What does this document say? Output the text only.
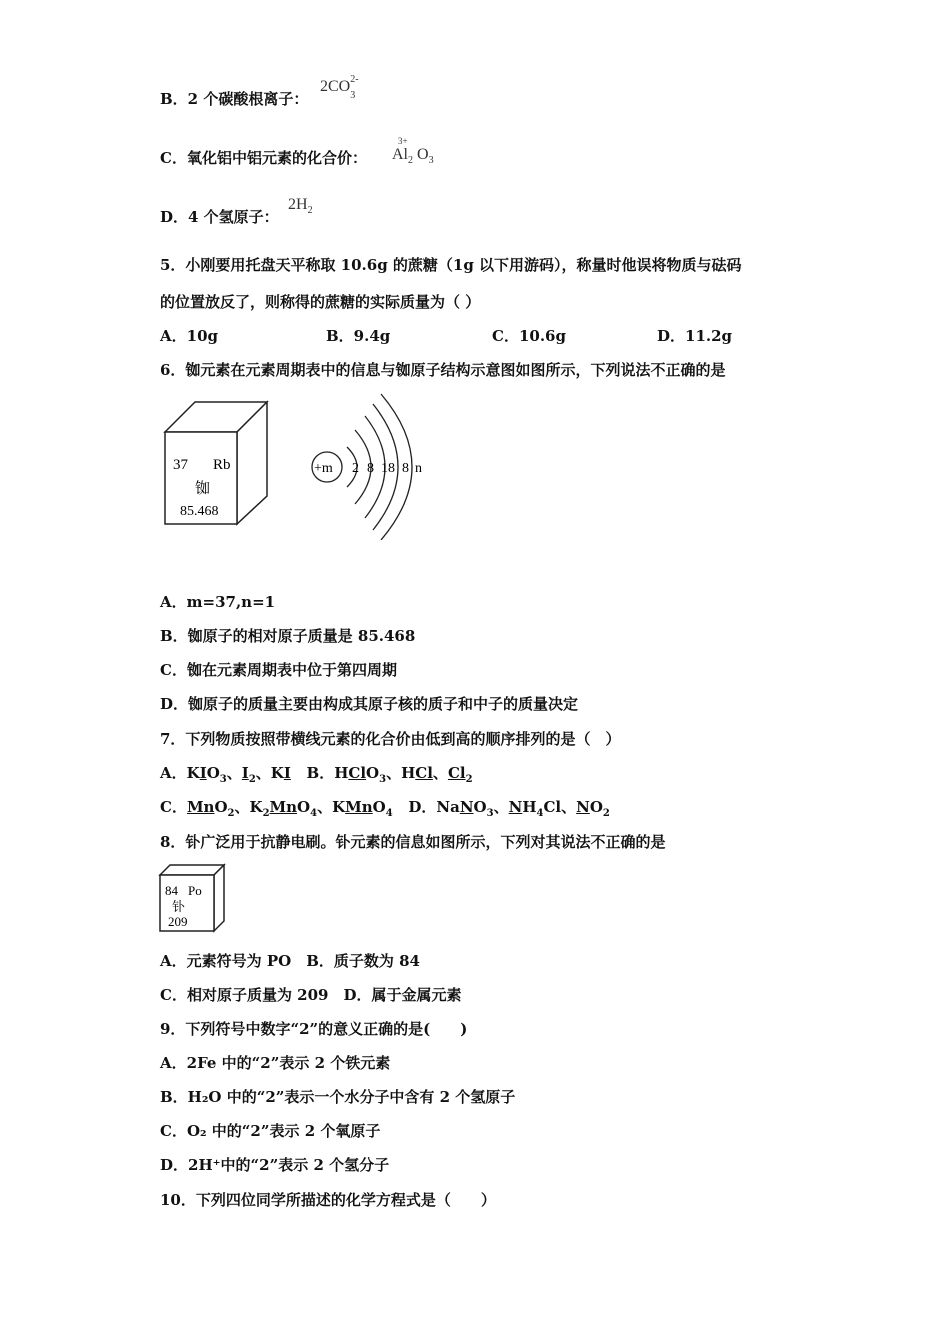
B．2 个碳酸根离子：
2CO 2-
3
C．氧化铝中铝元素的化合价：
3+
$Al_2$ $O_3$
D．4 个氢原子：
$2H_2$
5．小刚要用托盘天平称取 10.6g 的蔗糖（1g 以下用游码），称量时他误将物质与砝码
的位置放反了，则称得的蔗糖的实际质量为（ ）
A．10g	B．9.4g	C．10.6g	D．11.2g
6．铷元素在元素周期表中的信息与铷原子结构示意图如图所示，下列说法不正确的是
37 Rb
铷
85.468
+m 2 8 18 8 n
A．m=37,n=1
B．铷原子的相对原子质量是 85.468
C．铷在元素周期表中位于第四周期
D．铷原子的质量主要由构成其原子核的质子和中子的质量决定
7．下列物质按照带横线元素的化合价由低到高的顺序排列的是（　）
A．$KIO_3$、$I_2$、KI B．HClO$_3$、HCl、$Cl_2$
C．MnO$_2$、$K_2MnO_4$、KMnO$_4$ D．NaNO$_3$、$NH_4Cl$、$NO_2$
8．钋广泛用于抗静电刷。钋元素的信息如图所示，下列对其说法不正确的是
84 Po
钋
209
A．元素符号为 PO　B．质子数为 84
C．相对原子质量为 209　D．属于金属元素
9．下列符号中数字“2”的意义正确的是(　　)
A．2Fe 中的“2”表示 2 个铁元素
B．H₂O 中的“2”表示一个水分子中含有 2 个氢原子
C．O₂ 中的“2”表示 2 个氧原子
D．2H⁺中的“2”表示 2 个氢分子
10．下列四位同学所描述的化学方程式是（　　）
